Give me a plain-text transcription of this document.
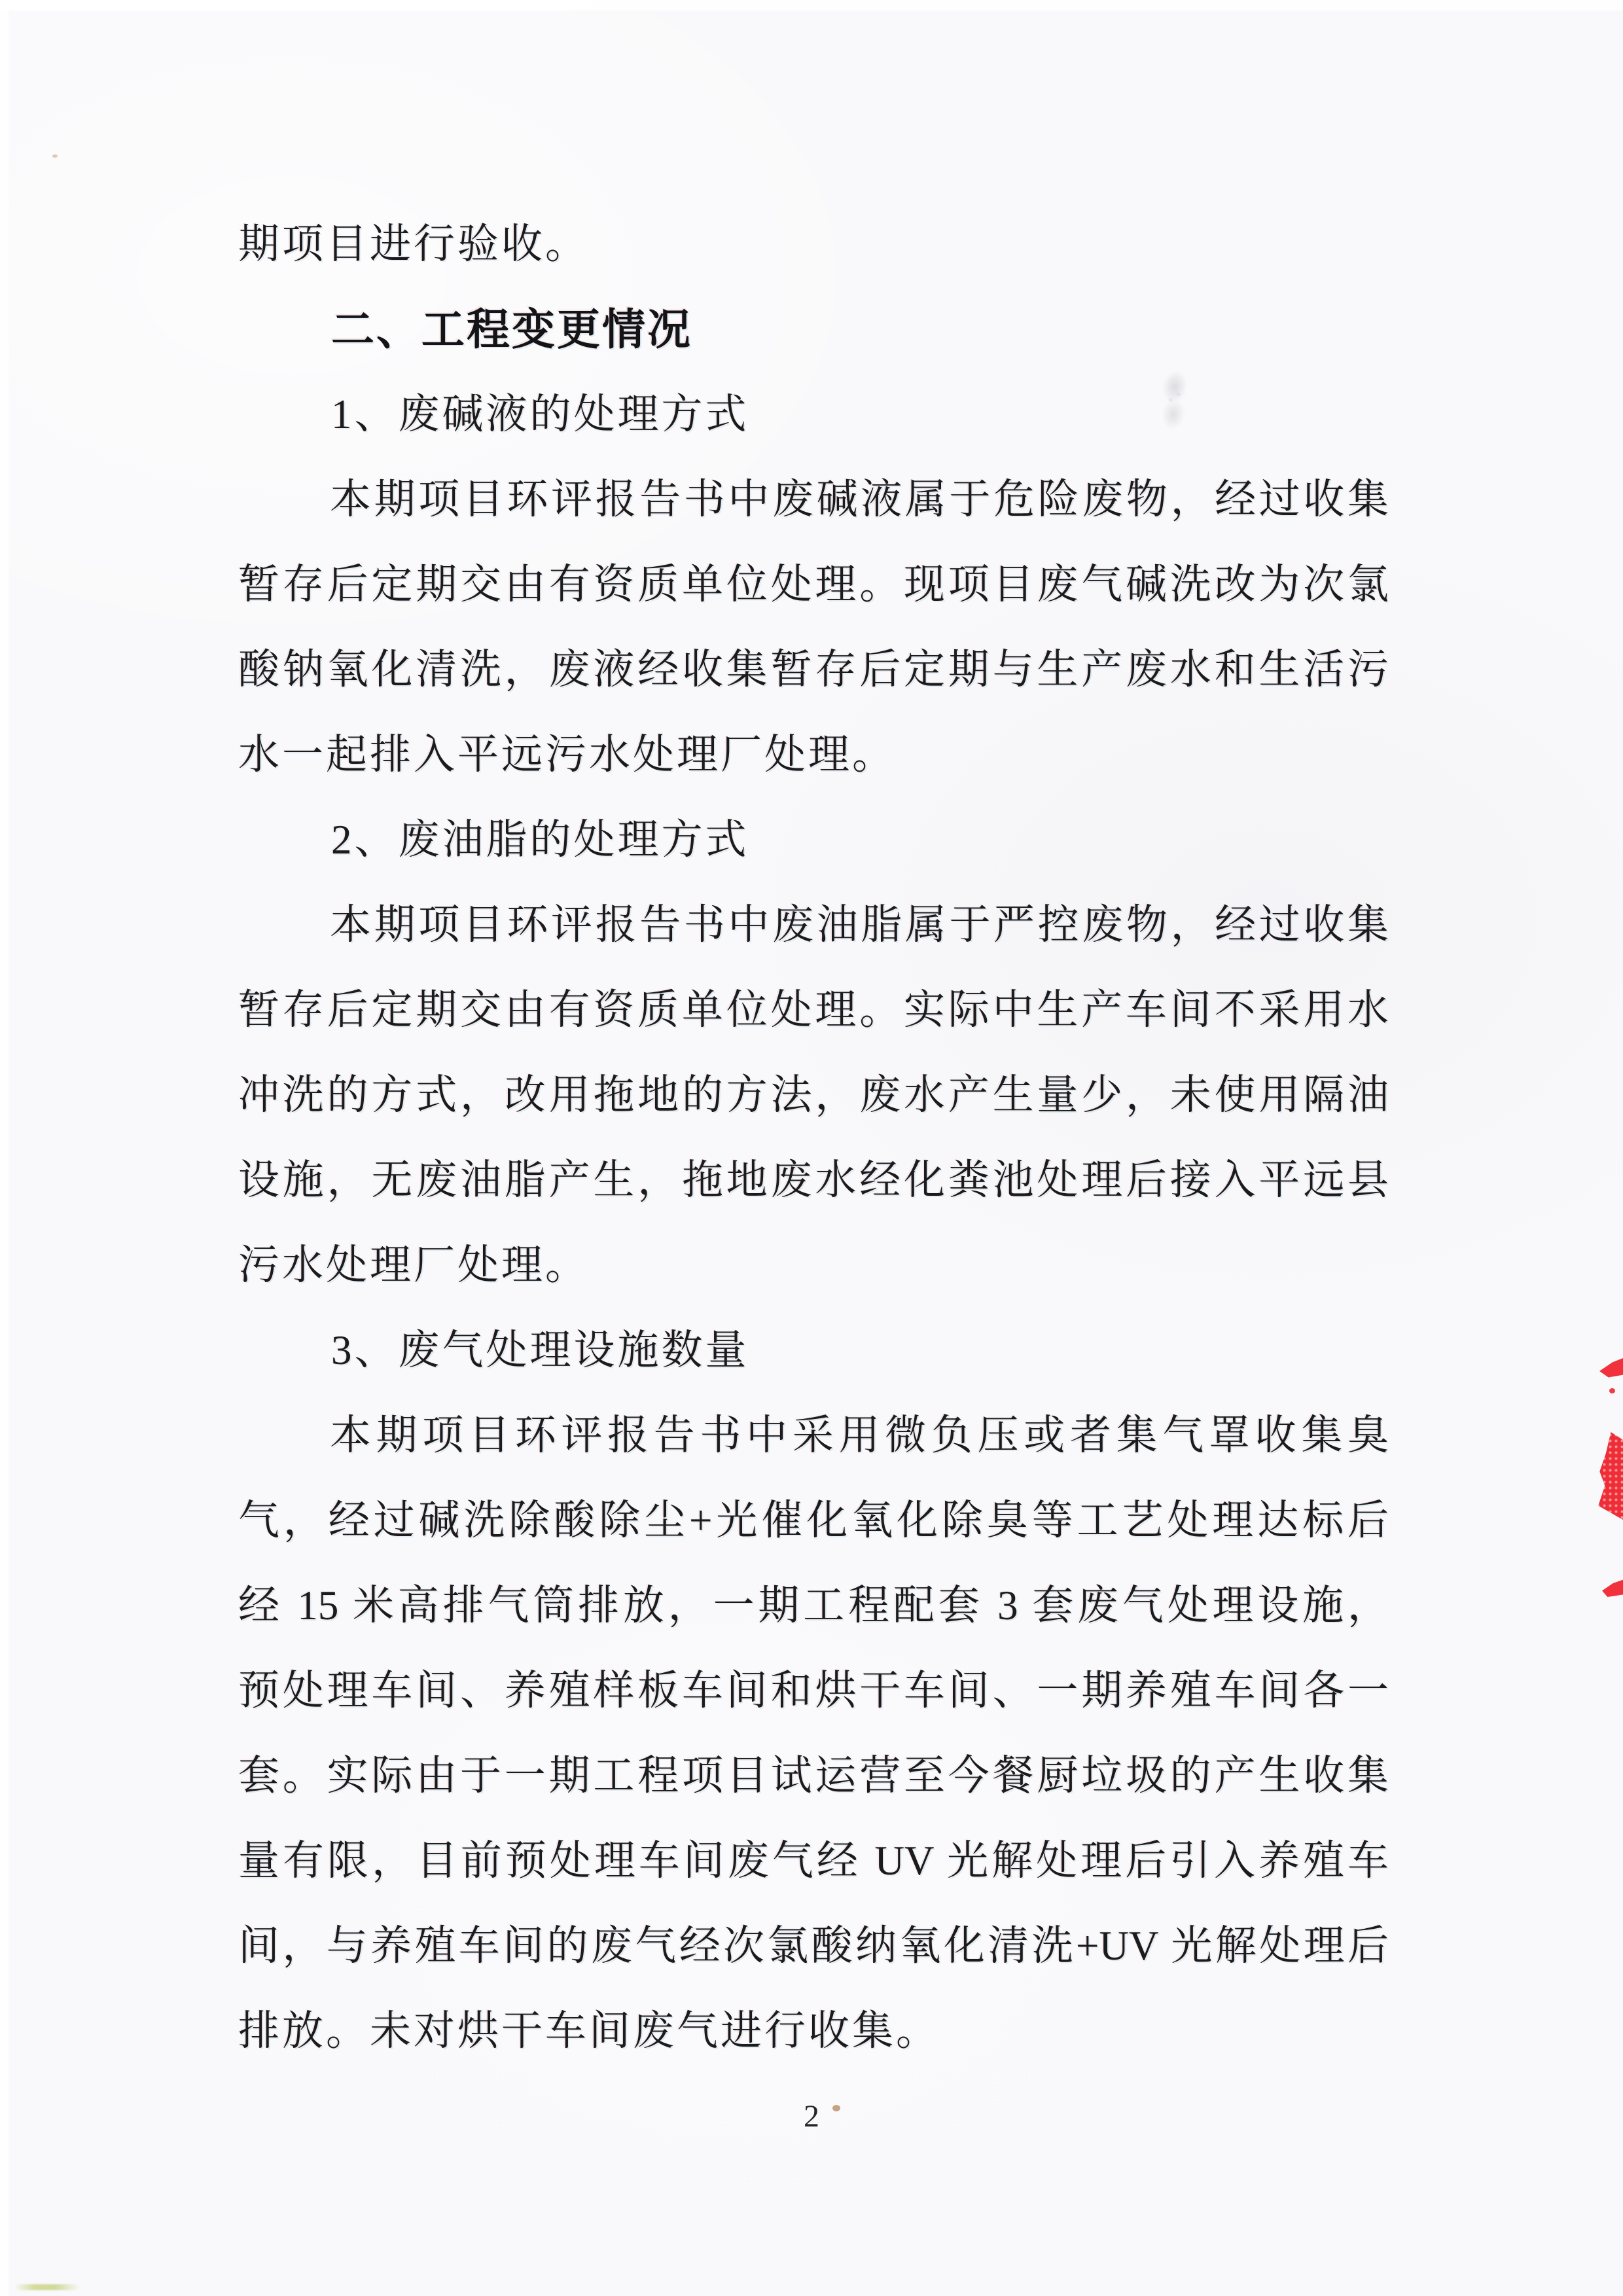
期项目进行验收。
二、工程变更情况
1、废碱液的处理方式
本期项目环评报告书中废碱液属于危险废物，经过收集
暂存后定期交由有资质单位处理。现项目废气碱洗改为次氯
酸钠氧化清洗，废液经收集暂存后定期与生产废水和生活污
水一起排入平远污水处理厂处理。
2、废油脂的处理方式
本期项目环评报告书中废油脂属于严控废物，经过收集
暂存后定期交由有资质单位处理。实际中生产车间不采用水
冲洗的方式，改用拖地的方法，废水产生量少，未使用隔油
设施，无废油脂产生，拖地废水经化粪池处理后接入平远县
污水处理厂处理。
3、废气处理设施数量
本期项目环评报告书中采用微负压或者集气罩收集臭
气，经过碱洗除酸除尘+光催化氧化除臭等工艺处理达标后
经 15 米高排气筒排放，一期工程配套 3 套废气处理设施，
预处理车间、养殖样板车间和烘干车间、一期养殖车间各一
套。实际由于一期工程项目试运营至今餐厨垃圾的产生收集
量有限，目前预处理车间废气经 UV 光解处理后引入养殖车
间，与养殖车间的废气经次氯酸纳氧化清洗+UV 光解处理后
排放。未对烘干车间废气进行收集。
2
